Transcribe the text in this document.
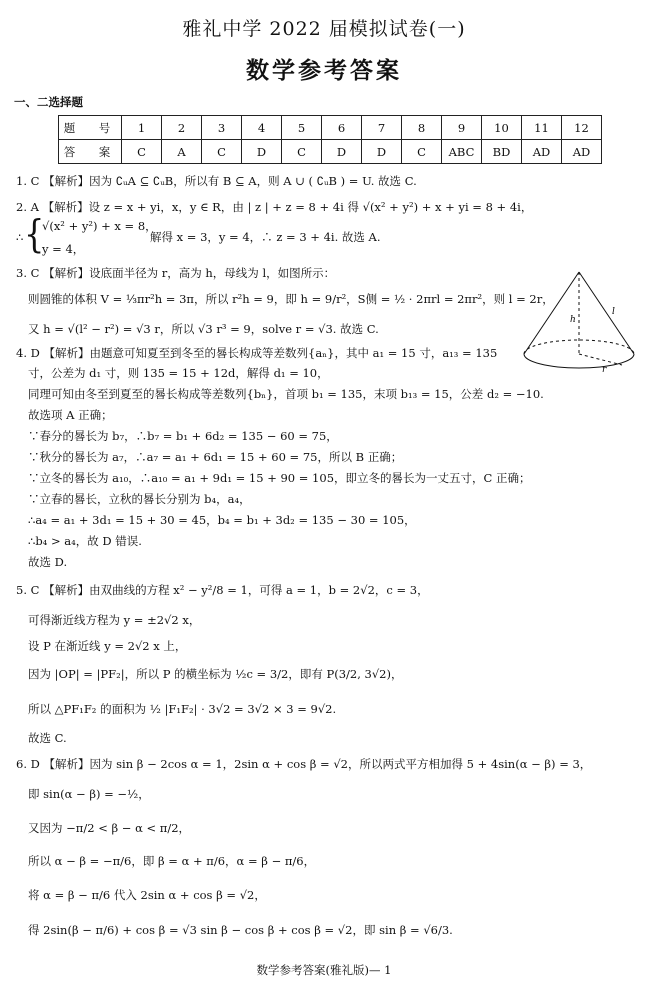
雅礼中学 2022 届模拟试卷(一)
数学参考答案
一、二选择题
题　号	1	2	3	4	5	6	7	8	9	10	11	12
答　案	C	A	C	D	C	D	D	C	ABC	BD	AD	AD
1. C 【解析】因为 ∁ᵤA ⊆ ∁ᵤB，所以有 B ⊆ A，则 A ∪ ( ∁ᵤB ) = U. 故选 C.
2. A 【解析】设 z = x + yi，x，y ∈ R，由 | z | + z = 8 + 4i 得 √(x² + y²) + x + yi = 8 + 4i，
∴ {
√(x² + y²) + x = 8，
解得 x = 3，y = 4，∴ z = 3 + 4i. 故选 A.
y = 4，
3. C 【解析】设底面半径为 r，高为 h，母线为 l，如图所示：
则圆锥的体积 V = ⅓πr²h = 3π，所以 r²h = 9，即 h = 9/r²，S侧 = ½ · 2πrl = 2πr²，则 l = 2r，
又 h = √(l² − r²) = √3 r，所以 √3 r³ = 9，solve r = √3. 故选 C.
h
l
r
4. D 【解析】由题意可知夏至到冬至的晷长构成等差数列{aₙ}，其中 a₁ = 15 寸，a₁₃ = 135
寸，公差为 d₁ 寸，则 135 = 15 + 12d，解得 d₁ = 10，
同理可知由冬至到夏至的晷长构成等差数列{bₙ}，首项 b₁ = 135，末项 b₁₃ = 15，公差 d₂ = −10.
故选项 A 正确；
∵春分的晷长为 b₇，∴b₇ = b₁ + 6d₂ = 135 − 60 = 75，
∵秋分的晷长为 a₇，∴a₇ = a₁ + 6d₁ = 15 + 60 = 75，所以 B 正确；
∵立冬的晷长为 a₁₀，∴a₁₀ = a₁ + 9d₁ = 15 + 90 = 105，即立冬的晷长为一丈五寸，C 正确；
∵立春的晷长，立秋的晷长分别为 b₄，a₄，
∴a₄ = a₁ + 3d₁ = 15 + 30 = 45，b₄ = b₁ + 3d₂ = 135 − 30 = 105，
∴b₄ > a₄，故 D 错误.
故选 D.
5. C 【解析】由双曲线的方程 x² − y²/8 = 1，可得 a = 1，b = 2√2，c = 3，
可得渐近线方程为 y = ±2√2 x，
设 P 在渐近线 y = 2√2 x 上，
因为 |OP| = |PF₂|，所以 P 的横坐标为 ½c = 3/2，即有 P(3/2, 3√2)，
所以 △PF₁F₂ 的面积为 ½ |F₁F₂| · 3√2 = 3√2 × 3 = 9√2.
故选 C.
6. D 【解析】因为 sin β − 2cos α = 1，2sin α + cos β = √2，所以两式平方相加得 5 + 4sin(α − β) = 3，
即 sin(α − β) = −½，
又因为 −π/2 < β − α < π/2，
所以 α − β = −π/6，即 β = α + π/6，α = β − π/6，
将 α = β − π/6 代入 2sin α + cos β = √2，
得 2sin(β − π/6) + cos β = √3 sin β − cos β + cos β = √2，即 sin β = √6/3.
数学参考答案(雅礼版)— 1
